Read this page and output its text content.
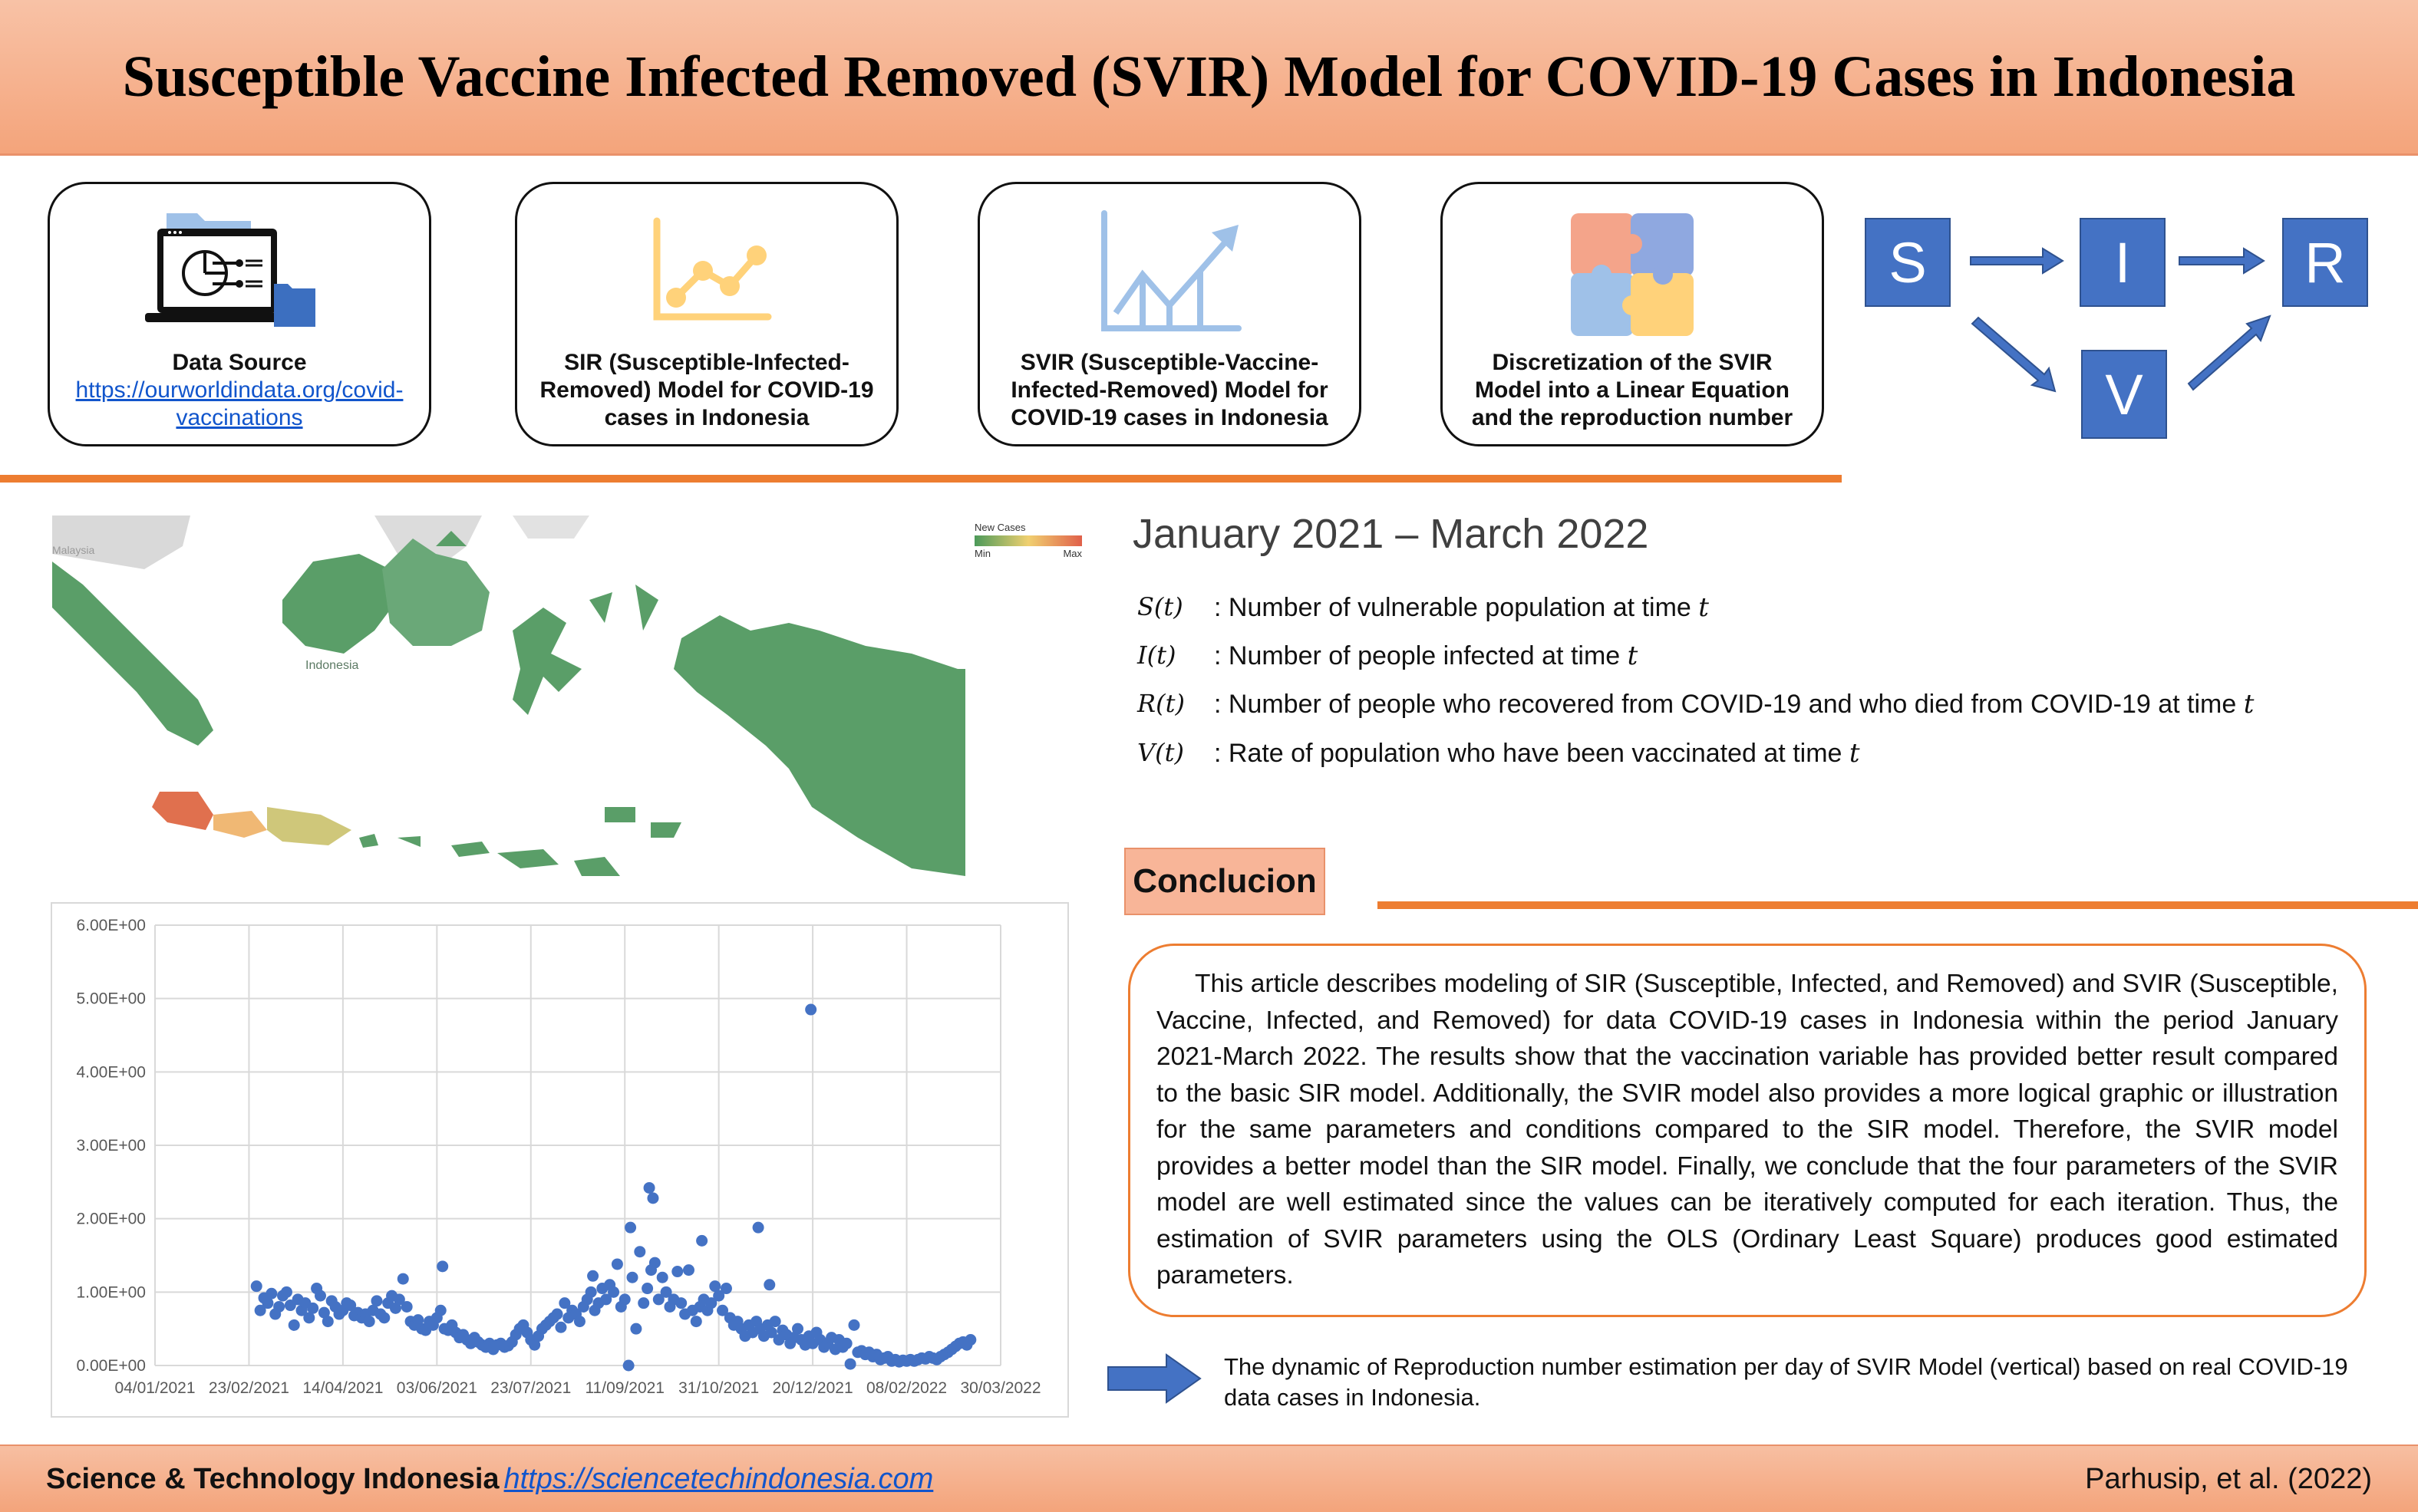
Susceptible Vaccine Infected Removed (SVIR) Model for COVID-19 Cases in Indonesia
Data Source
https://ourworldindata.org/covid-vaccinations
SIR (Susceptible-Infected-Removed) Model for COVID-19 cases in Indonesia
SVIR (Susceptible-Vaccine-Infected-Removed) Model for COVID-19 cases in Indonesia
Discretization of the SVIR Model into a Linear Equation and the reproduction number
S	I	R
V
Malaysia
Indonesia
New Cases
Min	Max
04/01/2021 23/02/2021 14/04/2021 03/06/2021 23/07/2021 11/09/2021 31/10/2021 20/12/2021 08/02/2022 30/03/2022
0.00E+00
1.00E+00
2.00E+00
3.00E+00
4.00E+00
5.00E+00
6.00E+00
January 2021 – March 2022
S(t)	: Number of vulnerable population at time t
I(t)	: Number of people infected at time t
R(t)	: Number of people who recovered from COVID-19 and who died from COVID-19 at time t
V(t)	: Rate of population who have been vaccinated at time t
Conclucion

This article describes modeling of SIR (Susceptible, Infected, and Removed) and SVIR (Susceptible, Vaccine, Infected, and Removed) for data COVID-19 cases in Indonesia within the period January 2021-March 2022. The results show that the vaccination variable has provided better result compared to the basic SIR model. Additionally, the SVIR model also provides a more logical graphic or illustration for the same parameters and conditions compared to the SIR model. Therefore, the SVIR model provides a better model than the SIR model. Finally, we conclude that the four parameters of the SVIR model are well estimated since the values can be iteratively computed for each iteration. Thus, the estimation of SVIR parameters using the OLS (Ordinary Least Square) produces good estimated parameters.

The dynamic of Reproduction number estimation per day of SVIR Model (vertical) based on real COVID-19 data cases in Indonesia.
Science & Technology Indonesia https://sciencetechindonesia.com	Parhusip, et al. (2022)
